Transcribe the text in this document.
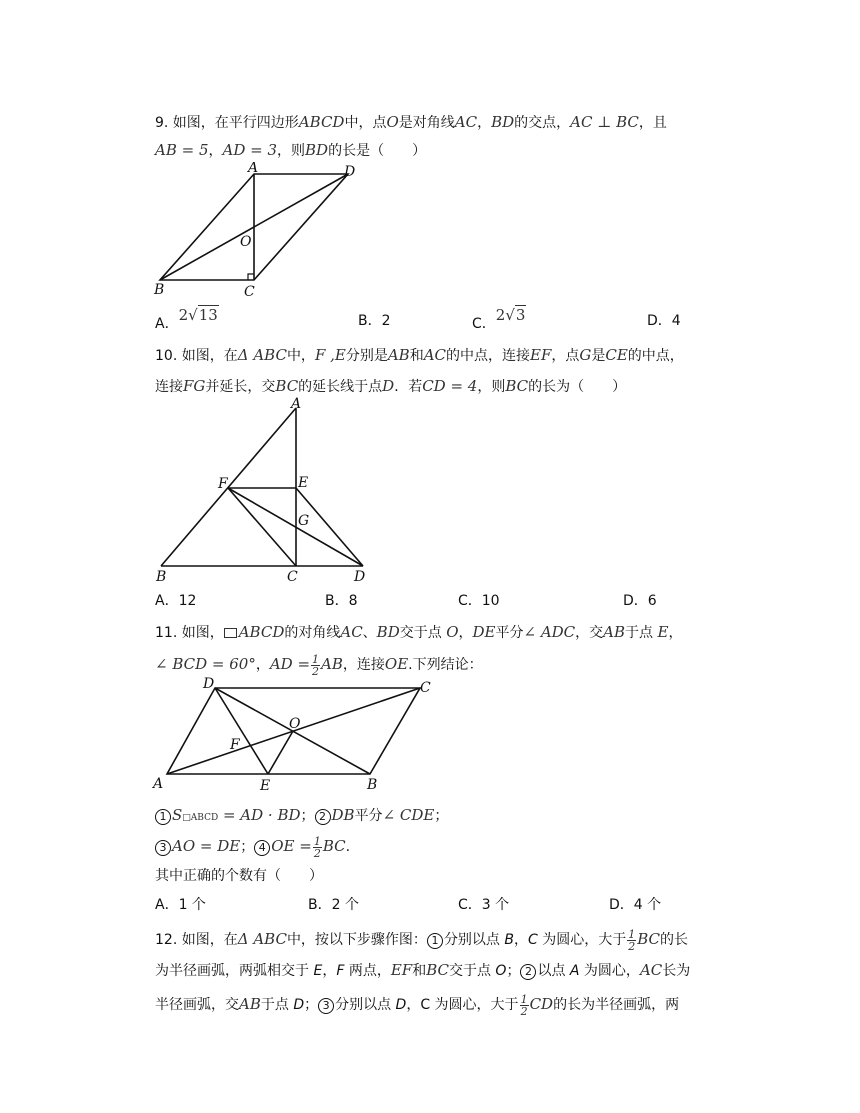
9. 如图，在平行四边形ABCD中，点O是对角线AC，BD的交点，AC ⊥ BC，且
AB = 5，AD = 3，则BD的长是（　　）
A	D
O
B	C
A．2√13	B．2	C．2√3	D．4
10. 如图，在Δ ABC中，F ,E分别是AB和AC的中点，连接EF，点G是CE的中点，
连接FG并延长，交BC的延长线于点D．若CD = 4，则BC的长为（　　）
A
F	E
G
B	C	D
A．12	B．8	C．10	D．6
11. 如图， ABCD的对角线AC、BD交于点 O，DE平分∠ ADC，交AB于点 E，
∠ BCD = 60°，AD = $\frac{1}{2}$ AB，连接OE.下列结论：
D	C
O
F
A	E	B
1 S□ABCD = AD · BD； 2 DB平分∠ CDE；
3 AO = DE； 4 OE = $\frac{1}{2}$ BC.
其中正确的个数有（　　）
A．1 个	B．2 个	C．3 个	D．4 个
12. 如图，在Δ ABC中，按以下步骤作图： 1 分别以点 B，C 为圆心，大于 $\frac{1}{2}$ BC的长
为半径画弧，两弧相交于 E，F 两点，EF和BC交于点 O； 2 以点 A 为圆心，AC长为
半径画弧，交AB于点 D； 3 分别以点 D，C 为圆心，大于 $\frac{1}{2}$ CD的长为半径画弧，两
